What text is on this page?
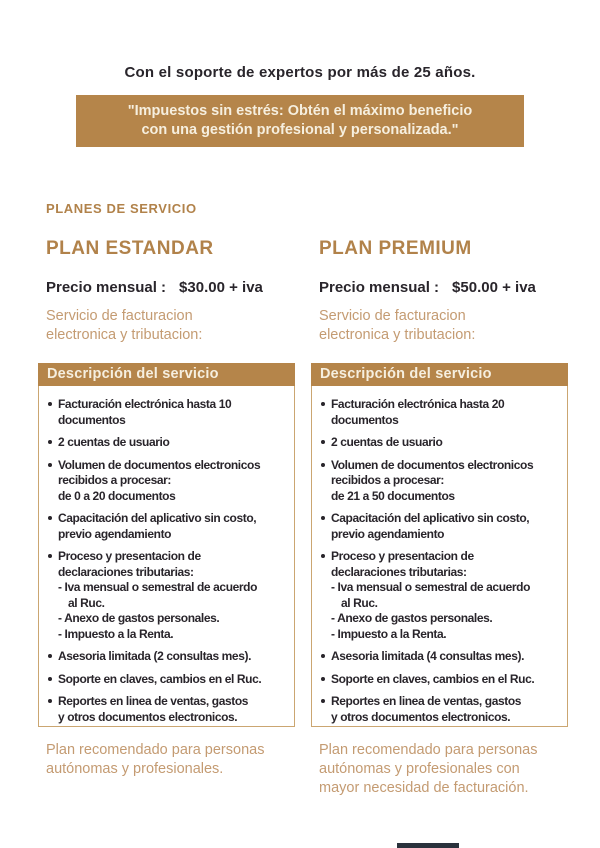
Con el soporte de expertos por más de 25 años.
"Impuestos sin estrés: Obtén el máximo beneficio
con una gestión profesional y personalizada."
PLANES DE SERVICIO
PLAN ESTANDAR
Precio mensual : $30.00 + iva
Servicio de facturacion
electronica y tributacion:
Descripción del servicio
Facturación electrónica hasta 10
documentos
2 cuentas de usuario
Volumen de documentos electronicos
recibidos a procesar:
de 0 a 20 documentos
Capacitación del aplicativo sin costo,
previo agendamiento
Proceso y presentacion de
declaraciones tributarias:
- Iva mensual o semestral de acuerdo
al Ruc.
- Anexo de gastos personales.
- Impuesto a la Renta.
Asesoria limitada (2 consultas mes).
Soporte en claves, cambios en el Ruc.
Reportes en linea de ventas, gastos
y otros documentos electronicos.
Plan recomendado para personas
autónomas y profesionales.
PLAN PREMIUM
Precio mensual : $50.00 + iva
Servicio de facturacion
electronica y tributacion:
Descripción del servicio
Facturación electrónica hasta 20
documentos
2 cuentas de usuario
Volumen de documentos electronicos
recibidos a procesar:
de 21 a 50 documentos
Capacitación del aplicativo sin costo,
previo agendamiento
Proceso y presentacion de
declaraciones tributarias:
- Iva mensual o semestral de acuerdo
al Ruc.
- Anexo de gastos personales.
- Impuesto a la Renta.
Asesoria limitada (4 consultas mes).
Soporte en claves, cambios en el Ruc.
Reportes en linea de ventas, gastos
y otros documentos electronicos.
Plan recomendado para personas
autónomas y profesionales con
mayor necesidad de facturación.
